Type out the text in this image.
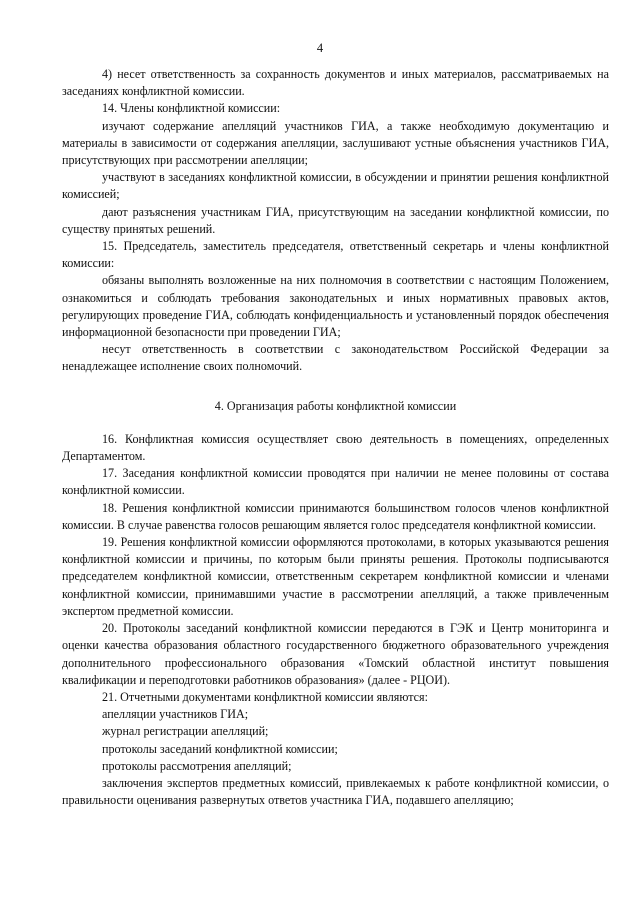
4

4) несет ответственность за сохранность документов и иных материалов, рассматриваемых на заседаниях конфликтной комиссии.

14. Члены конфликтной комиссии:

изучают содержание апелляций участников ГИА, а также необходимую документацию и материалы в зависимости от содержания апелляции, заслушивают устные объяснения участников ГИА, присутствующих при рассмотрении апелляции;

участвуют в заседаниях конфликтной комиссии, в обсуждении и принятии решения конфликтной комиссией;

дают разъяснения участникам ГИА, присутствующим на заседании конфликтной комиссии, по существу принятых решений.

15. Председатель, заместитель председателя, ответственный секретарь и члены конфликтной комиссии:

обязаны выполнять возложенные на них полномочия в соответствии с настоящим Положением, ознакомиться и соблюдать требования законодательных и иных нормативных правовых актов, регулирующих проведение ГИА, соблюдать конфиденциальность и установленный порядок обеспечения информационной безопасности при проведении ГИА;

несут ответственность в соответствии с законодательством Российской Федерации за ненадлежащее исполнение своих полномочий.

4. Организация работы конфликтной комиссии

16. Конфликтная комиссия осуществляет свою деятельность в помещениях, определенных Департаментом.

17. Заседания конфликтной комиссии проводятся при наличии не менее половины от состава конфликтной комиссии.

18. Решения конфликтной комиссии принимаются большинством голосов членов конфликтной комиссии. В случае равенства голосов решающим является голос председателя конфликтной комиссии.

19. Решения конфликтной комиссии оформляются протоколами, в которых указываются решения конфликтной комиссии и причины, по которым были приняты решения. Протоколы подписываются председателем конфликтной комиссии, ответственным секретарем конфликтной комиссии и членами конфликтной комиссии, принимавшими участие в рассмотрении апелляций, а также привлеченным экспертом предметной комиссии.

20. Протоколы заседаний конфликтной комиссии передаются в ГЭК и Центр мониторинга и оценки качества образования областного государственного бюджетного образовательного учреждения дополнительного профессионального образования «Томский областной институт повышения квалификации и переподготовки работников образования» (далее - РЦОИ).

21. Отчетными документами конфликтной комиссии являются:

апелляции участников ГИА;

журнал регистрации апелляций;

протоколы заседаний конфликтной комиссии;

протоколы рассмотрения апелляций;

заключения экспертов предметных комиссий, привлекаемых к работе конфликтной комиссии, о правильности оценивания развернутых ответов участника ГИА, подавшего апелляцию;
